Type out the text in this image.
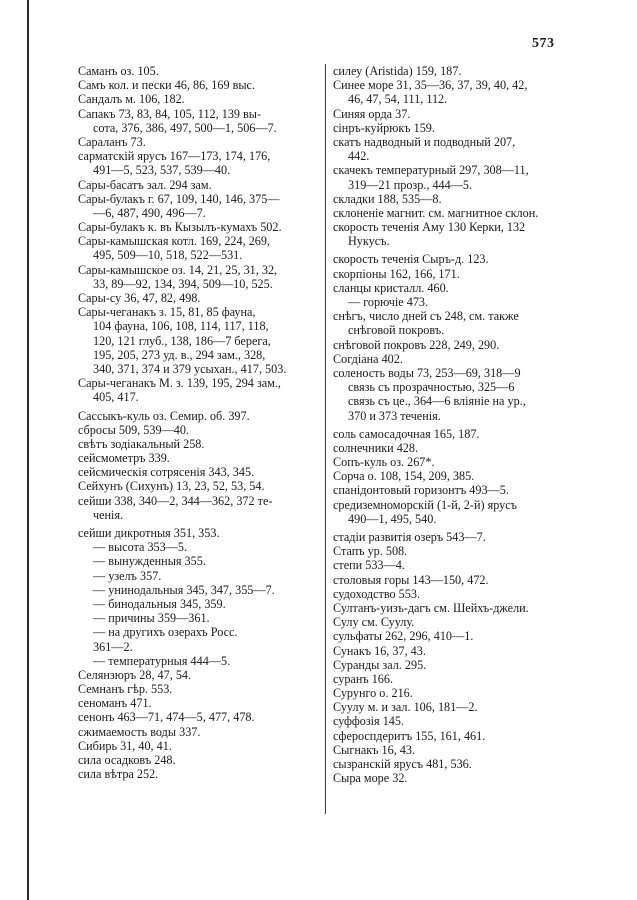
573
Саманъ оз. 105.
Самъ кол. и пески 46, 86, 169 выс.
Сандалъ м. 106, 182.
Сапакъ 73, 83, 84, 105, 112, 139 вы-
сота, 376, 386, 497, 500—1, 506—7.
Сараланъ 73.
сарматскій ярусъ 167—173, 174, 176,
491—5, 523, 537, 539—40.
Сары-басатъ зал. 294 зам.
Сары-булакъ г. 67, 109, 140, 146, 375—
—6, 487, 490, 496—7.
Сары-булакъ к. въ Кызылъ-кумахъ 502.
Сары-камышская котл. 169, 224, 269,
495, 509—10, 518, 522—531.
Сары-камышское оз. 14, 21, 25, 31, 32,
33, 89—92, 134, 394, 509—10, 525.
Сары-су 36, 47, 82, 498.
Сары-чеганакъ з. 15, 81, 85 фауна,
104 фауна, 106, 108, 114, 117, 118,
120, 121 глуб., 138, 186—7 берега,
195, 205, 273 уд. в., 294 зам., 328,
340, 371, 374 и 379 усыхан., 417, 503.
Сары-чеганакъ М. з. 139, 195, 294 зам.,
405, 417.
Сассыкъ-куль оз. Семир. об. 397.
сбросы 509, 539—40.
свѣтъ зодіакальный 258.
сейсмометръ 339.
сейсмическія сотрясенія 343, 345.
Сейхунъ (Сихунъ) 13, 23, 52, 53, 54.
сейши 338, 340—2, 344—362, 372 те-
ченія.
сейши дикротныя 351, 353.
— высота 353—5.
— вынужденныя 355.
— узелъ 357.
— унинодальныя 345, 347, 355—7.
— бинодальныя 345, 359.
— причины 359—361.
— на другихъ озерахъ Росс.
361—2.
— температурныя 444—5.
Селянзюръ 28, 47, 54.
Семнанъ гѣр. 553.
сеноманъ 471.
сенонъ 463—71, 474—5, 477, 478.
сжимаемость воды 337.
Сибирь 31, 40, 41.
сила осадковъ 248.
сила вѣтра 252.
силеу (Aristida) 159, 187.
Синее море 31, 35—36, 37, 39, 40, 42,
46, 47, 54, 111, 112.
Синяя орда 37.
сінръ-куйрюкъ 159.
скатъ надводный и подводный 207,
442.
скачекъ температурный 297, 308—11,
319—21 прозр., 444—5.
складки 188, 535—8.
склоненіе магнит. см. магнитное склон.
скорость теченія Аму 130 Керки, 132
Нукусъ.
скорость теченія Сыръ-д. 123.
скорпіоны 162, 166, 171.
сланцы кристалл. 460.
— горючіе 473.
снѣгъ, число дней съ 248, см. также
снѣговой покровъ.
снѣговой покровъ 228, 249, 290.
Согдіана 402.
соленость воды 73, 253—69, 318—9
связь съ прозрачностью, 325—6
связь съ це., 364—6 вліяніе на ур.,
370 и 373 теченія.
соль самосадочная 165, 187.
солнечники 428.
Сопъ-куль оз. 267*.
Сорча о. 108, 154, 209, 385.
спанідонтовый горизонтъ 493—5.
средиземноморскій (1-й, 2-й) ярусъ
490—1, 495, 540.
стадіи развитія озеръ 543—7.
Стапъ ур. 508.
степи 533—4.
столовыя горы 143—150, 472.
судоходство 553.
Султанъ-уизъ-дагъ см. Шейхъ-джели.
Сулу см. Суулу.
сульфаты 262, 296, 410—1.
Сунакъ 16, 37, 43.
Суранды зал. 295.
суранъ 166.
Сурунго о. 216.
Суулу м. и зал. 106, 181—2.
суффозія 145.
сфероспдеритъ 155, 161, 461.
Сыгнакъ 16, 43.
сызранскій ярусъ 481, 536.
Сыра море 32.
